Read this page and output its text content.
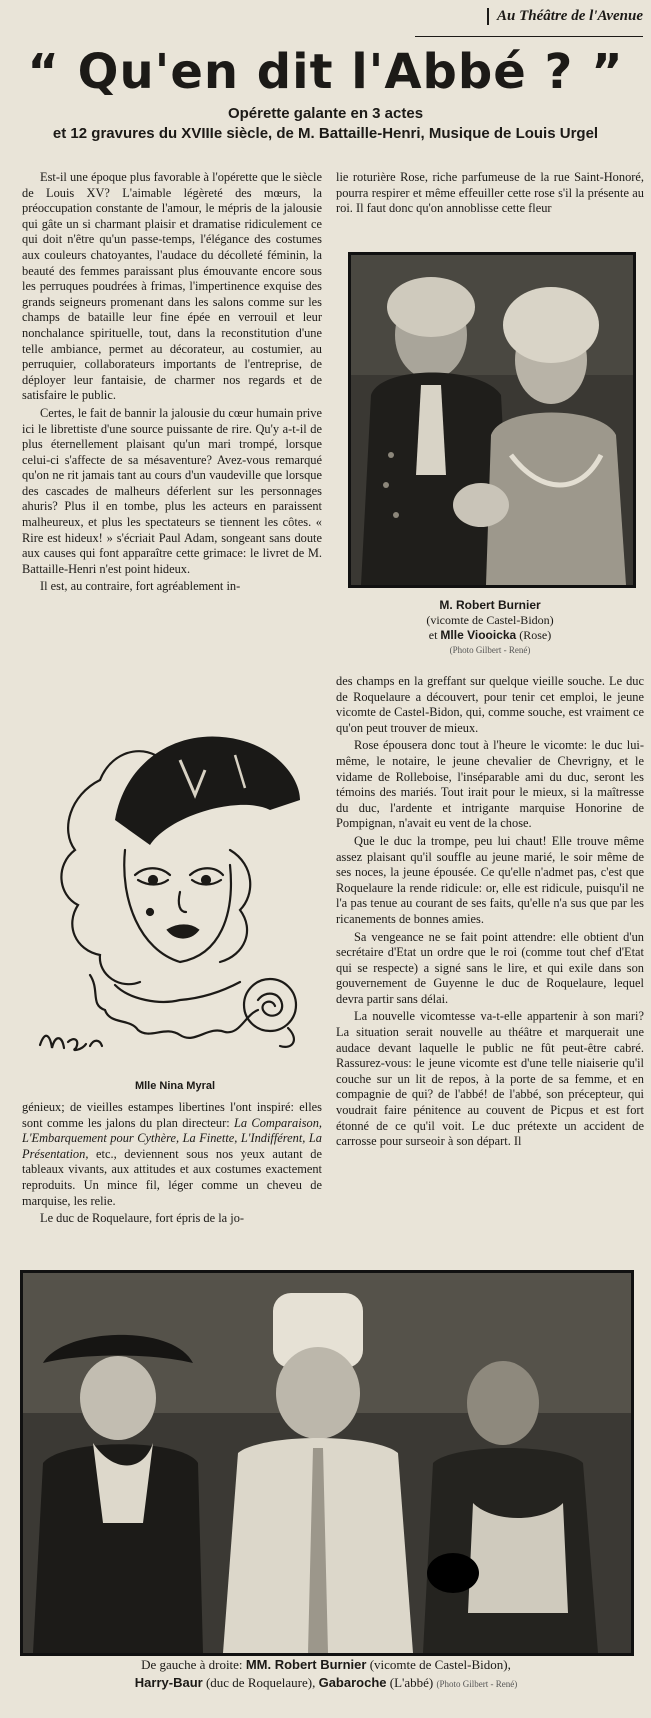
Au Théâtre de l'Avenue
“ Qu'en dit l'Abbé ? ”
Opérette galante en 3 actes
et 12 gravures du XVIIIe siècle, de M. Battaille-Henri, Musique de Louis Urgel

Est-il une époque plus favorable à l'opérette que le siècle de Louis XV? L'aimable légèreté des mœurs, la préoccupation constante de l'amour, le mépris de la jalousie qui gâte un si charmant plaisir et dramatise ridiculement ce qui doit n'être qu'un passe-temps, l'élégance des costumes aux couleurs chatoyantes, l'audace du décolleté féminin, la beauté des femmes paraissant plus émouvante encore sous les perruques poudrées à frimas, l'impertinence exquise des grands seigneurs promenant dans les salons comme sur les champs de bataille leur fine épée en verrouil et leur nonchalance spirituelle, tout, dans la reconstitution d'une telle ambiance, permet au décorateur, au costumier, au perruquier, collaborateurs importants de l'entreprise, de déployer leur fantaisie, de charmer nos regards et de satisfaire le public.

Certes, le fait de bannir la jalousie du cœur humain prive ici le librettiste d'une source puissante de rire. Qu'y a-t-il de plus éternellement plaisant qu'un mari trompé, lorsque celui-ci s'affecte de sa mésaventure? Avez-vous remarqué qu'on ne rit jamais tant au cours d'un vaudeville que lorsque des cascades de malheurs déferlent sur les personnages ahuris? Plus il en tombe, plus les acteurs en paraissent malheureux, et plus les spectateurs se tiennent les côtes. « Rire est hideux! » s'écriait Paul Adam, songeant sans doute aux causes qui font apparaître cette grimace: le livret de M. Battaille-Henri n'est point hideux.

Il est, au contraire, fort agréablement in-

Mlle Nina Myral

génieux; de vieilles estampes libertines l'ont inspiré: elles sont comme les jalons du plan directeur: La Comparaison, L'Embarquement pour Cythère, La Finette, L'Indifférent, La Présentation, etc., deviennent sous nos yeux autant de tableaux vivants, aux attitudes et aux costumes exactement reproduits. Un mince fil, léger comme un cheveu de marquise, les relie.

Le duc de Roquelaure, fort épris de la jo-

lie roturière Rose, riche parfumeuse de la rue Saint-Honoré, pourra respirer et même effeuiller cette rose s'il la présente au roi. Il faut donc qu'on annoblisse cette fleur

M. Robert Burnier
(vicomte de Castel-Bidon)
et Mlle Viooicka (Rose)
(Photo Gilbert - René)

des champs en la greffant sur quelque vieille souche. Le duc de Roquelaure a découvert, pour tenir cet emploi, le jeune vicomte de Castel-Bidon, qui, comme souche, est vraiment ce qu'on peut trouver de mieux.

Rose épousera donc tout à l'heure le vicomte: le duc lui-même, le notaire, le jeune chevalier de Chevrigny, et le vidame de Rolleboise, l'inséparable ami du duc, seront les témoins des mariés. Tout irait pour le mieux, si la maîtresse du duc, l'ardente et intrigante marquise Honorine de Pompignan, n'avait eu vent de la chose.

Que le duc la trompe, peu lui chaut! Elle trouve même assez plaisant qu'il souffle au jeune marié, le soir même de ses noces, la jeune épousée. Ce qu'elle n'admet pas, c'est que Roquelaure la rende ridicule: or, elle est ridicule, puisqu'il ne l'a pas tenue au courant de ses faits, qu'elle n'a sus que par les ricanements de bonnes amies.

Sa vengeance ne se fait point attendre: elle obtient d'un secrétaire d'Etat un ordre que le roi (comme tout chef d'Etat qui se respecte) a signé sans le lire, et qui exile dans son gouvernement de Guyenne le duc de Roquelaure, lequel devra partir sans délai.

La nouvelle vicomtesse va-t-elle appartenir à son mari? La situation serait nouvelle au théâtre et marquerait une audace devant laquelle le public ne fût peut-être cabré. Rassurez-vous: le jeune vicomte est d'une telle niaiserie qu'il couche sur un lit de repos, à la porte de sa femme, et en compagnie de qui? de l'abbé! de l'abbé, son précepteur, qui voudrait faire pénitence au couvent de Picpus et est fort étonné de ce qu'il voit. Le duc prétexte un accident de carrosse pour surseoir à son départ. Il

De gauche à droite: MM. Robert Burnier (vicomte de Castel-Bidon),
Harry-Baur (duc de Roquelaure), Gabaroche (L'abbé) (Photo Gilbert - René)
